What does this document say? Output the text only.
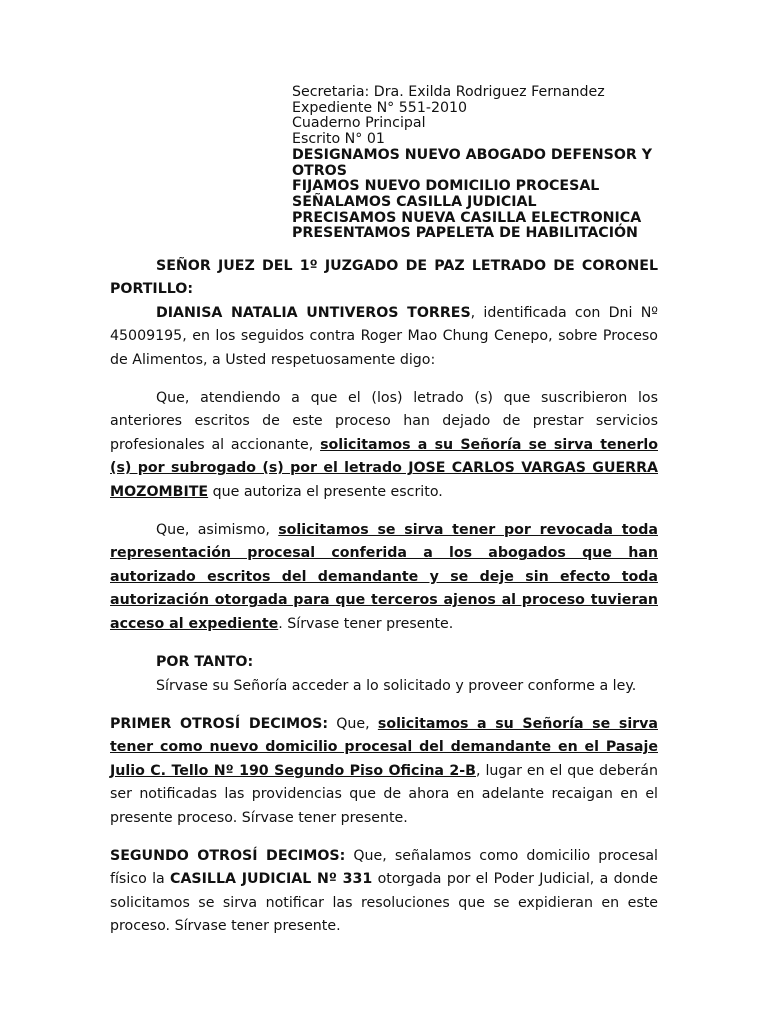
Secretaria: Dra. Exilda Rodriguez Fernandez
Expediente N° 551-2010
Cuaderno Principal
Escrito N° 01
DESIGNAMOS NUEVO ABOGADO DEFENSOR Y OTROS
FIJAMOS NUEVO DOMICILIO PROCESAL
SEÑALAMOS CASILLA JUDICIAL
PRECISAMOS NUEVA CASILLA ELECTRONICA
PRESENTAMOS PAPELETA DE HABILITACIÓN

SEÑOR JUEZ DEL 1º JUZGADO DE PAZ LETRADO DE CORONEL PORTILLO:

DIANISA NATALIA UNTIVEROS TORRES, identificada con Dni Nº 45009195, en los seguidos contra Roger Mao Chung Cenepo, sobre Proceso de Alimentos, a Usted respetuosamente digo:

Que, atendiendo a que el (los) letrado (s) que suscribieron los anteriores escritos de este proceso han dejado de prestar servicios profesionales al accionante, solicitamos a su Señoría se sirva tenerlo (s) por subrogado (s) por el letrado JOSE CARLOS VARGAS GUERRA MOZOMBITE que autoriza el presente escrito.

Que, asimismo, solicitamos se sirva tener por revocada toda representación procesal conferida a los abogados que han autorizado escritos del demandante y se deje sin efecto toda autorización otorgada para que terceros ajenos al proceso tuvieran acceso al expediente. Sírvase tener presente.

POR TANTO:

Sírvase su Señoría acceder a lo solicitado y proveer conforme a ley.

PRIMER OTROSÍ DECIMOS: Que, solicitamos a su Señoría se sirva tener como nuevo domicilio procesal del demandante en el Pasaje Julio C. Tello Nº 190 Segundo Piso Oficina 2-B, lugar en el que deberán ser notificadas las providencias que de ahora en adelante recaigan en el presente proceso. Sírvase tener presente.

SEGUNDO OTROSÍ DECIMOS: Que, señalamos como domicilio procesal físico la CASILLA JUDICIAL Nº 331 otorgada por el Poder Judicial, a donde solicitamos se sirva notificar las resoluciones que se expidieran en este proceso. Sírvase tener presente.
